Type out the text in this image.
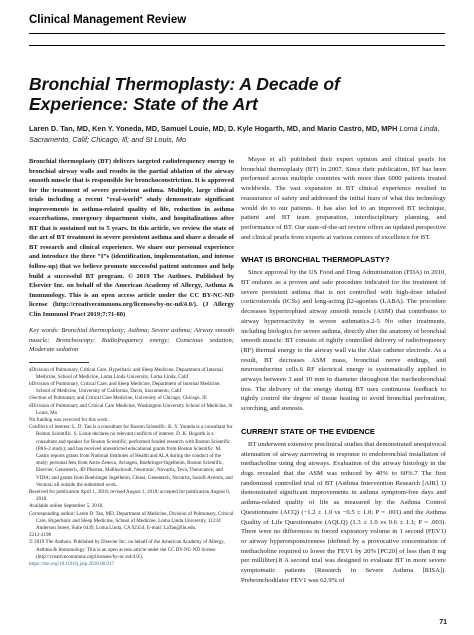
Clinical Management Review
Bronchial Thermoplasty: A Decade of Experience: State of the Art
Laren D. Tan, MD, Ken Y. Yoneda, MD, Samuel Louie, MD, D. Kyle Hogarth, MD, and Mario Castro, MD, MPH Loma Linda, Sacramento, Calif; Chicago, Ill; and St Louis, Mo

Bronchial thermoplasty (BT) delivers targeted radiofrequency energy to bronchial airway walls and results in the partial ablation of the airway smooth muscle that is responsible for bronchoconstriction. It is approved for the treatment of severe persistent asthma. Multiple, large clinical trials including a recent “real-world” study demonstrate significant improvements in asthma-related quality of life, reduction in asthma exacerbations, emergency department visits, and hospitalizations after BT that is sustained out to 5 years. In this article, we review the state of the art of BT treatment in severe persistent asthma and share a decade of BT research and clinical experience. We share our personal experience and introduce the three “I”s (identification, implementation, and intense follow-up) that we believe promote successful patient outcomes and help build a successful BT program. © 2019 The Authors. Published by Elsevier Inc. on behalf of the American Academy of Allergy, Asthma & Immunology. This is an open access article under the CC BY-NC-ND license (http://creativecommons.org/licenses/by-nc-nd/4.0/). (J Allergy Clin Immunol Pract 2019;7:71-80)

Key words: Bronchial thermoplasty; Asthma; Severe asthma; Airway smooth muscle; Bronchoscopy; Radiofrequency energy; Conscious sedation; Moderate sedation

aDivision of Pulmonary, Critical Care, Hyperbaric and Sleep Medicine, Department of Internal Medicine, School of Medicine, Loma Linda University, Loma Linda, Calif

bDivision of Pulmonary, Critical Care, and Sleep Medicine, Department of Internal Medicine, School of Medicine, University of California, Davis, Sacramento, Calif

cSection of Pulmonary and Critical Care Medicine, University of Chicago, Chicago, Ill

dDivision of Pulmonary and Critical Care Medicine, Washington University School of Medicine, St Louis, Mo

No funding was received for this work.

Conflicts of interest: L. D. Tan is a consultant for Boston Scientific. K. Y. Yoneda is a consultant for Boston Scientific. S. Louie declares no relevant conflicts of interest. D. K. Hogarth is a consultant and speaker for Boston Scientific; performed funded research with Boston Scientific (PAS-2 study); and has received unrestricted educational grants from Boston Scientific. M. Castro reports grants from National Institutes of Health and ALA during the conduct of the study; personal fees from Astra-Zeneca, Aviragen, Boehringer-Ingelheim, Boston Scientific, Elsevier, Genentech, 4D Pharma, Mallinckrodt, Neutronic, Novartis, Teva, Theravance, and VIDA; and grants from Boehringer Ingelheim, Chiesi, Genentech, Novartis, Sanofi-Aventis, and Vectura; all outside the submitted work.

Received for publication April 1, 2018; revised August 1, 2018; accepted for publication August 6, 2018.

Available online September 5, 2018.

Corresponding author: Laren D. Tan, MD, Department of Medicine, Division of Pulmonary, Critical Care, Hyperbaric and Sleep Medicine, School of Medicine, Loma Linda University, 11234 Anderson Street, Suite 6439, Loma Linda, CA 92354. E-mail: LaTan@llu.edu.

2213-2198

© 2019 The Authors. Published by Elsevier Inc. on behalf of the American Academy of Allergy, Asthma & Immunology. This is an open access article under the CC BY-NC-ND license (http://creativecommons.org/licenses/by-nc-nd/4.0/).

https://doi.org/10.1016/j.jaip.2018.08.017

Mayse et al1 published their expert opinion and clinical pearls for bronchial thermoplasty (BT) in 2007. Since their publication, BT has been performed across multiple countries with more than 6000 patients treated worldwide. The vast expansion in BT clinical experience resulted in reassurance of safety and addressed the initial fears of what this technology would do to our patients. It has also led to an improved BT technique, patient and BT team preparation, interdisciplinary planning, and performance of BT. Our state-of-the-art review offers an updated perspective and clinical pearls from experts at various centers of excellence for BT.

WHAT IS BRONCHIAL THERMOPLASTY?

Since approval by the US Food and Drug Administration (FDA) in 2010, BT endures as a proven and safe procedure indicated for the treatment of severe persistent asthma that is not controlled with high-dose inhaled corticosteroids (ICSs) and long-acting β2-agonists (LABA). The procedure decreases hypertrophied airway smooth muscle (ASM) that contributes to airway hyperreactivity in severe asthmatics.2-5 No other treatments, including biologics for severe asthma, directly alter the anatomy of bronchial smooth muscle. BT consists of tightly controlled delivery of radiofrequency (RF) thermal energy to the airway wall via the Alair catheter electrode. As a result, BT decreases ASM mass, bronchial nerve endings, and neuroendocrine cells.6 RF electrical energy is systematically applied to airways between 3 and 10 mm in diameter throughout the tracheobronchial tree. The delivery of the energy during BT uses continuous feedback to tightly control the degree of tissue heating to avoid bronchial perforation, scorching, and stenosis.

CURRENT STATE OF THE EVIDENCE

BT underwent extensive preclinical studies that demonstrated unequivocal attenuation of airway narrowing in response to endobronchial installation of methacholine using dog airways. Evaluation of the airway histology in the dogs revealed that the ASM was reduced by 40% to 60%.7 The first randomized controlled trial of BT (Asthma Intervention Research [AIR] 1) demonstrated significant improvements in asthma symptom-free days and asthma-related quality of life as measured by the Asthma Control Questionnaire (ACQ) (−1.2 ± 1.0 vs −0.5 ± 1.0; P = .001) and the Asthma Quality of Life Questionnaire (AQLQ) (1.3 ± 1.0 vs 0.6 ± 1.1; P = .003). There were no differences in forced expiratory volume in 1 second (FEV1) or airway hyperresponsiveness (defined by a provocative concentration of methacholine required to lower the FEV1 by 20% [PC20] of less than 8 mg per milliliter).8 A second trial was designed to evaluate BT in more severe symptomatic patients (Research in Severe Asthma [RISA]). Prebronchodilator FEV1 was 62.9% of

71
